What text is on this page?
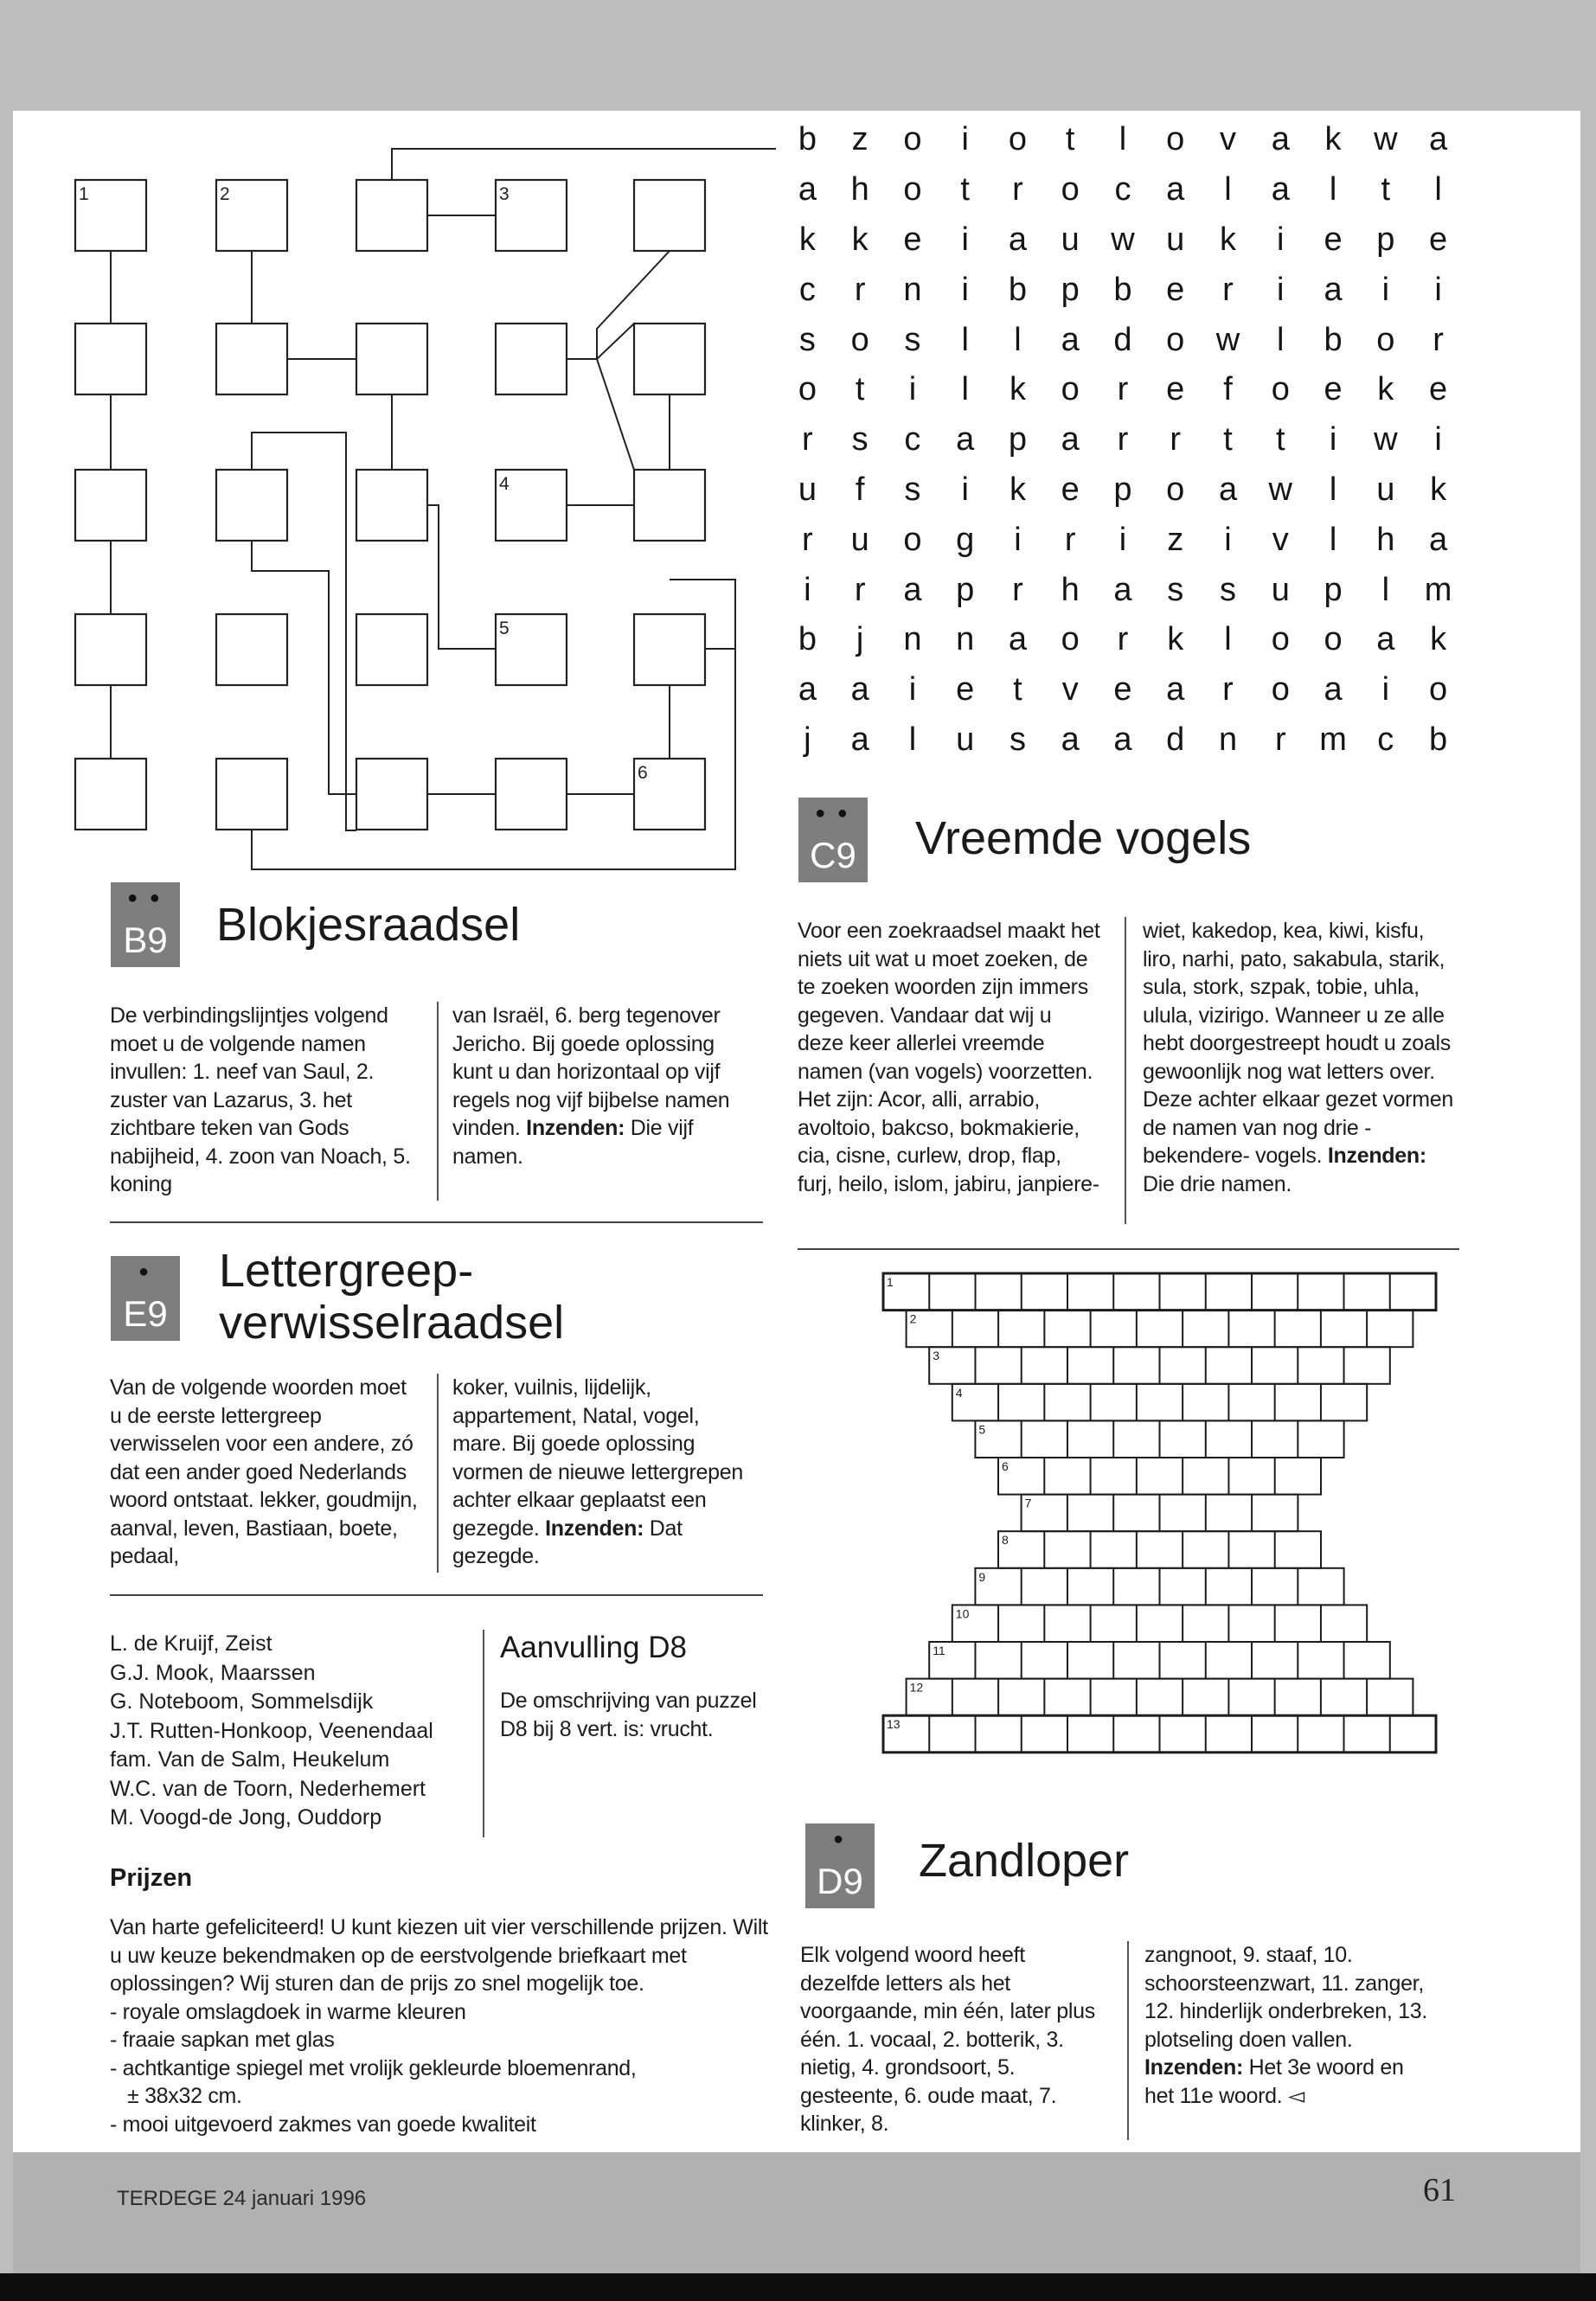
TERDEGE 24 januari 1996	61
1	2	3
4
5
6
b	z	o	i	o	t	l	o	v	a	k w a
a	h	o	t	r	o	c	a	l	a	l	t	l
k	k	e	i	a	u w u	k	i	e	p	e
c	r	n	i	b	p	b	e	r	i	a	i	i
s	o	s	l	l	a	d	o w	l	b	o	r
o	t	i	l	k	o	r	e	f	o	e	k	e
r	s	c	a	p	a	r	r	t	t	i	w	i
u	f	s	i	k	e	p	o	a w	l	u	k
r	u	o	g	i	r	i	z	i	v	l	h	a
i	r	a	p	r	h	a	s	s	u	p	l	m
b	j	n	n	a	o	r	k	l	o	o	a	k
a	a	i	e	t	v	e	a	r	o	a	i	o
j	a	l	u	s	a	a	d	n	r	m c	b
● ●
B9 Blokjesraadsel

De verbindingslijntjes volgend moet u de volgende namen invullen: 1. neef van Saul, 2. zuster van Lazarus, 3. het zichtbare teken van Gods nabijheid, 4. zoon van Noach, 5. koning

van Israël, 6. berg tegenover Jericho. Bij goede oplossing kunt u dan horizontaal op vijf regels nog vijf bijbelse namen vinden. Inzenden: Die vijf namen.

● ●
C9 Vreemde vogels

Voor een zoekraadsel maakt het niets uit wat u moet zoeken, de te zoeken woorden zijn immers gegeven. Vandaar dat wij u deze keer allerlei vreemde namen (van vogels) voorzetten. Het zijn: Acor, alli, arrabio, avoltoio, bakcso, bokmakierie, cia, cisne, curlew, drop, flap, furj, heilo, islom, jabiru, janpiere-

wiet, kakedop, kea, kiwi, kisfu, liro, narhi, pato, sakabula, starik, sula, stork, szpak, tobie, uhla, ulula, vizirigo. Wanneer u ze alle hebt doorgestreept houdt u zoals gewoonlijk nog wat letters over. Deze achter elkaar gezet vormen de namen van nog drie -bekendere- vogels. Inzenden: Die drie namen.

●
E9
Lettergreep-
verwisselraadsel

Van de volgende woorden moet u de eerste lettergreep verwisselen voor een andere, zó dat een ander goed Nederlands woord ontstaat. lekker, goudmijn, aanval, leven, Bastiaan, boete, pedaal,

koker, vuilnis, lijdelijk, appartement, Natal, vogel, mare. Bij goede oplossing vormen de nieuwe lettergrepen achter elkaar geplaatst een gezegde. Inzenden: Dat gezegde.

L. de Kruijf, Zeist
G.J. Mook, Maarssen
G. Noteboom, Sommelsdijk
J.T. Rutten-Honkoop, Veenendaal
fam. Van de Salm, Heukelum
W.C. van de Toorn, Nederhemert
M. Voogd-de Jong, Ouddorp
Aanvulling D8

De omschrijving van puzzel D8 bij 8 vert. is: vrucht.

Prijzen

Van harte gefeliciteerd! U kunt kiezen uit vier verschillende prijzen. Wilt u uw keuze bekendmaken op de eerstvolgende briefkaart met oplossingen? Wij sturen dan de prijs zo snel mogelijk toe.

- royale omslagdoek in warme kleuren
- fraaie sapkan met glas
- achtkantige spiegel met vrolijk gekleurde bloemenrand,
± 38x32 cm.
- mooi uitgevoerd zakmes van goede kwaliteit
1
2
3
4
5
6
7
8
9
10
11
12
13
●
D9 Zandloper

Elk volgend woord heeft dezelfde letters als het voorgaande, min één, later plus één. 1. vocaal, 2. botterik, 3. nietig, 4. grondsoort, 5. gesteente, 6. oude maat, 7. klinker, 8.

zangnoot, 9. staaf, 10. schoorsteenzwart, 11. zanger, 12. hinderlijk onderbreken, 13. plotseling doen vallen. Inzenden: Het 3e woord en het 11e woord. ◅
